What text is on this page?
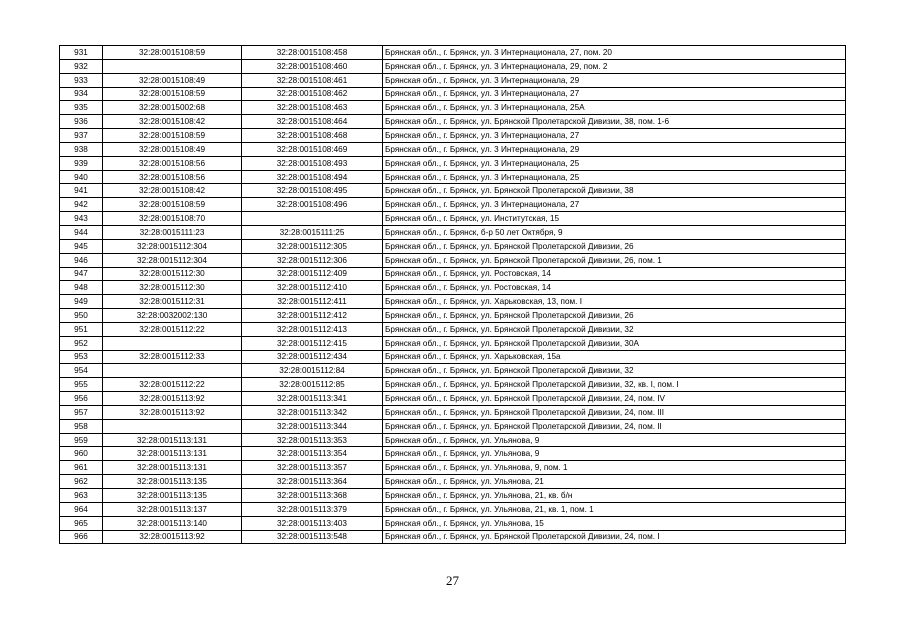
931	32:28:0015108:59	32:28:0015108:458	Брянская обл., г. Брянск, ул. 3 Интернационала, 27, пом. 20
932		32:28:0015108:460	Брянская обл., г. Брянск, ул. 3 Интернационала, 29, пом. 2
933	32:28:0015108:49	32:28:0015108:461	Брянская обл., г. Брянск, ул. 3 Интернационала, 29
934	32:28:0015108:59	32:28:0015108:462	Брянская обл., г. Брянск, ул. 3 Интернационала, 27
935	32:28:0015002:68	32:28:0015108:463	Брянская обл., г. Брянск, ул. 3 Интернационала, 25А
936	32:28:0015108:42	32:28:0015108:464	Брянская обл., г. Брянск, ул. Брянской Пролетарской Дивизии, 38, пом. 1-6
937	32:28:0015108:59	32:28:0015108:468	Брянская обл., г. Брянск, ул. 3 Интернационала, 27
938	32:28:0015108:49	32:28:0015108:469	Брянская обл., г. Брянск, ул. 3 Интернационала, 29
939	32:28:0015108:56	32:28:0015108:493	Брянская обл., г. Брянск, ул. 3 Интернационала, 25
940	32:28:0015108:56	32:28:0015108:494	Брянская обл., г. Брянск, ул. 3 Интернационала, 25
941	32:28:0015108:42	32:28:0015108:495	Брянская обл., г. Брянск, ул. Брянской Пролетарской Дивизии, 38
942	32:28:0015108:59	32:28:0015108:496	Брянская обл., г. Брянск, ул. 3 Интернационала, 27
943	32:28:0015108:70		Брянская обл., г. Брянск, ул. Институтская, 15
944	32:28:0015111:23	32:28:0015111:25	Брянская обл., г. Брянск, б-р 50 лет Октября, 9
945	32:28:0015112:304	32:28:0015112:305	Брянская обл., г. Брянск, ул. Брянской Пролетарской Дивизии, 26
946	32:28:0015112:304	32:28:0015112:306	Брянская обл., г. Брянск, ул. Брянской Пролетарской Дивизии, 26, пом. 1
947	32:28:0015112:30	32:28:0015112:409	Брянская обл., г. Брянск, ул. Ростовская, 14
948	32:28:0015112:30	32:28:0015112:410	Брянская обл., г. Брянск, ул. Ростовская, 14
949	32:28:0015112:31	32:28:0015112:411	Брянская обл., г. Брянск, ул. Харьковская, 13, пом. I
950	32:28:0032002:130	32:28:0015112:412	Брянская обл., г. Брянск, ул. Брянской Пролетарской Дивизии, 26
951	32:28:0015112:22	32:28:0015112:413	Брянская обл., г. Брянск, ул. Брянской Пролетарской Дивизии, 32
952		32:28:0015112:415	Брянская обл., г. Брянск, ул. Брянской Пролетарской Дивизии, 30А
953	32:28:0015112:33	32:28:0015112:434	Брянская обл., г. Брянск, ул. Харьковская, 15а
954		32:28:0015112:84	Брянская обл., г. Брянск, ул. Брянской Пролетарской Дивизии, 32
955	32:28:0015112:22	32:28:0015112:85	Брянская обл., г. Брянск, ул. Брянской Пролетарской Дивизии, 32, кв. I, пом. I
956	32:28:0015113:92	32:28:0015113:341	Брянская обл., г. Брянск, ул. Брянской Пролетарской Дивизии, 24, пом. IV
957	32:28:0015113:92	32:28:0015113:342	Брянская обл., г. Брянск, ул. Брянской Пролетарской Дивизии, 24, пом. III
958		32:28:0015113:344	Брянская обл., г. Брянск, ул. Брянской Пролетарской Дивизии, 24, пом. II
959	32:28:0015113:131	32:28:0015113:353	Брянская обл., г. Брянск, ул. Ульянова, 9
960	32:28:0015113:131	32:28:0015113:354	Брянская обл., г. Брянск, ул. Ульянова, 9
961	32:28:0015113:131	32:28:0015113:357	Брянская обл., г. Брянск, ул. Ульянова, 9, пом. 1
962	32:28:0015113:135	32:28:0015113:364	Брянская обл., г. Брянск, ул. Ульянова, 21
963	32:28:0015113:135	32:28:0015113:368	Брянская обл., г. Брянск, ул. Ульянова, 21, кв. б/н
964	32:28:0015113:137	32:28:0015113:379	Брянская обл., г. Брянск, ул. Ульянова, 21, кв. 1, пом. 1
965	32:28:0015113:140	32:28:0015113:403	Брянская обл., г. Брянск, ул. Ульянова, 15
966	32:28:0015113:92	32:28:0015113:548	Брянская обл., г. Брянск, ул. Брянской Пролетарской Дивизии, 24, пом. I
27
